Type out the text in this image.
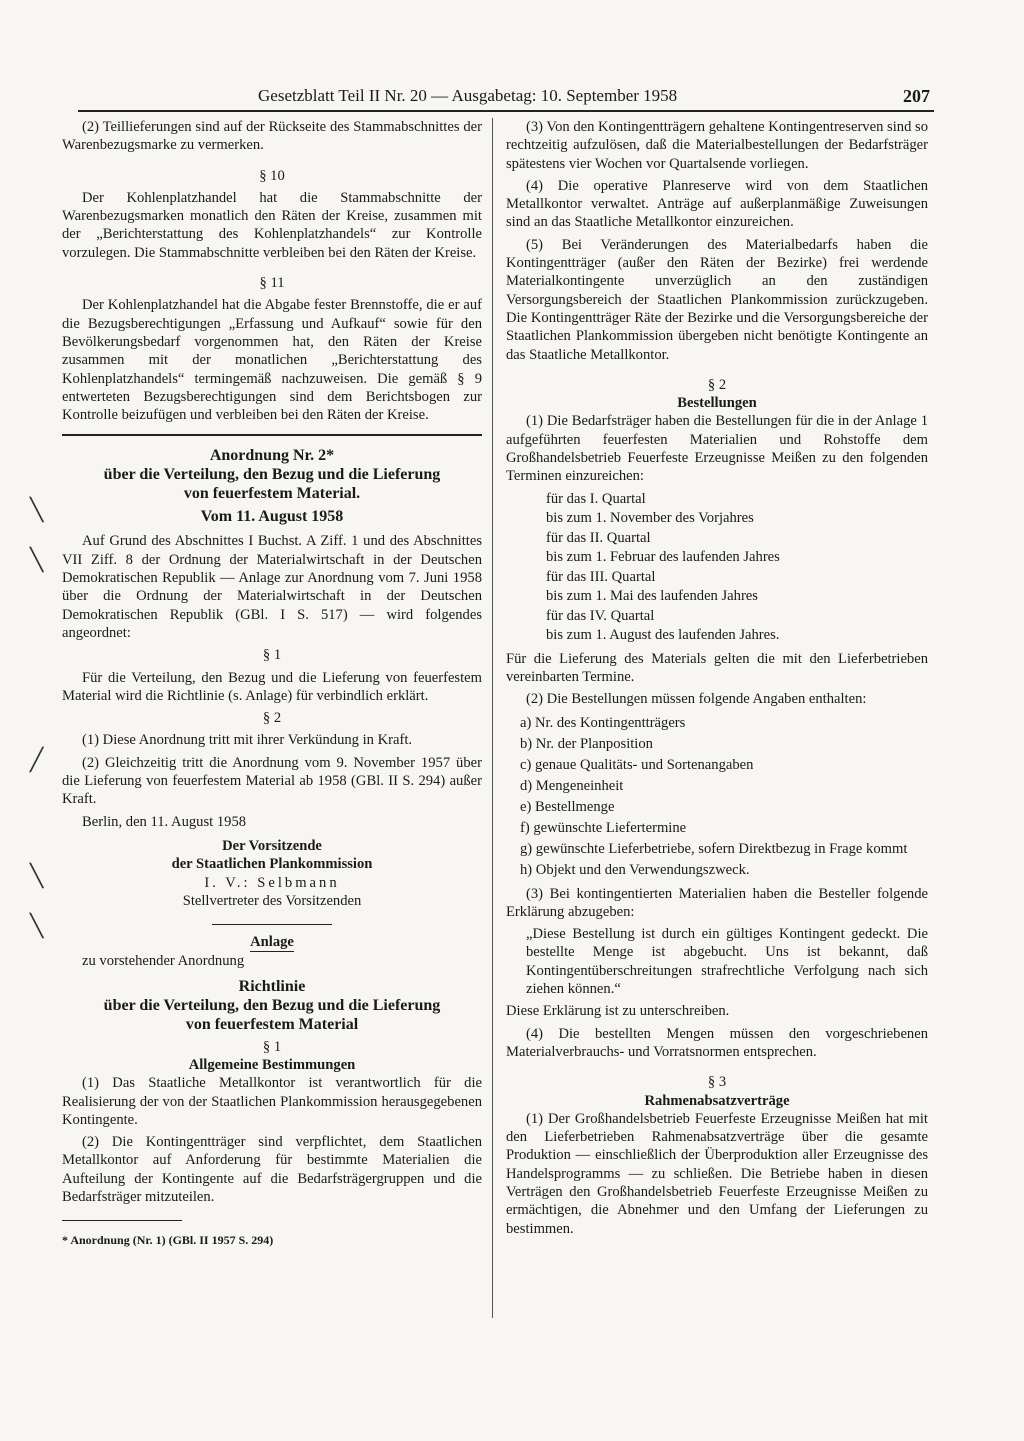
Gesetzblatt Teil II Nr. 20 — Ausgabetag: 10. September 1958	207
╲
╲
╱
╲
╲

(2) Teillieferungen sind auf der Rückseite des Stammabschnittes der Warenbezugsmarke zu vermerken.

§ 10

Der Kohlenplatzhandel hat die Stammabschnitte der Warenbezugsmarken monatlich den Räten der Kreise, zusammen mit der „Berichterstattung des Kohlenplatzhandels“ zur Kontrolle vorzulegen. Die Stammabschnitte verbleiben bei den Räten der Kreise.

§ 11

Der Kohlenplatzhandel hat die Abgabe fester Brennstoffe, die er auf die Bezugsberechtigungen „Erfassung und Aufkauf“ sowie für den Bevölkerungsbedarf vorgenommen hat, den Räten der Kreise zusammen mit der monatlichen „Berichterstattung des Kohlenplatzhandels“ termingemäß nachzuweisen. Die gemäß § 9 entwerteten Bezugsberechtigungen sind dem Berichtsbogen zur Kontrolle beizufügen und verbleiben bei den Räten der Kreise.

Anordnung Nr. 2*
über die Verteilung, den Bezug und die Lieferung
von feuerfestem Material.
Vom 11. August 1958

Auf Grund des Abschnittes I Buchst. A Ziff. 1 und des Abschnittes VII Ziff. 8 der Ordnung der Materialwirtschaft in der Deutschen Demokratischen Republik — Anlage zur Anordnung vom 7. Juni 1958 über die Ordnung der Materialwirtschaft in der Deutschen Demokratischen Republik (GBl. I S. 517) — wird folgendes angeordnet:

§ 1

Für die Verteilung, den Bezug und die Lieferung von feuerfestem Material wird die Richtlinie (s. Anlage) für verbindlich erklärt.

§ 2

(1) Diese Anordnung tritt mit ihrer Verkündung in Kraft.

(2) Gleichzeitig tritt die Anordnung vom 9. November 1957 über die Lieferung von feuerfestem Material ab 1958 (GBl. II S. 294) außer Kraft.

Berlin, den 11. August 1958

Der Vorsitzende
der Staatlichen Plankommission
I. V.: Selbmann
Stellvertreter des Vorsitzenden
Anlage

zu vorstehender Anordnung

Richtlinie
über die Verteilung, den Bezug und die Lieferung
von feuerfestem Material

§ 1

Allgemeine Bestimmungen

(1) Das Staatliche Metallkontor ist verantwortlich für die Realisierung der von der Staatlichen Plankommission herausgegebenen Kontingente.

(2) Die Kontingentträger sind verpflichtet, dem Staatlichen Metallkontor auf Anforderung für bestimmte Materialien die Aufteilung der Kontingente auf die Bedarfsträgergruppen und die Bedarfsträger mitzuteilen.

* Anordnung (Nr. 1) (GBl. II 1957 S. 294)

(3) Von den Kontingentträgern gehaltene Kontingentreserven sind so rechtzeitig aufzulösen, daß die Materialbestellungen der Bedarfsträger spätestens vier Wochen vor Quartalsende vorliegen.

(4) Die operative Planreserve wird von dem Staatlichen Metallkontor verwaltet. Anträge auf außerplanmäßige Zuweisungen sind an das Staatliche Metallkontor einzureichen.

(5) Bei Veränderungen des Materialbedarfs haben die Kontingentträger (außer den Räten der Bezirke) frei werdende Materialkontingente unverzüglich an den zuständigen Versorgungsbereich der Staatlichen Plankommission zurückzugeben. Die Kontingentträger Räte der Bezirke und die Versorgungsbereiche der Staatlichen Plankommission übergeben nicht benötigte Kontingente an das Staatliche Metallkontor.

§ 2

Bestellungen

(1) Die Bedarfsträger haben die Bestellungen für die in der Anlage 1 aufgeführten feuerfesten Materialien und Rohstoffe dem Großhandelsbetrieb Feuerfeste Erzeugnisse Meißen zu den folgenden Terminen einzureichen:

für das I. Quartal
bis zum 1. November des Vorjahres
für das II. Quartal
bis zum 1. Februar des laufenden Jahres
für das III. Quartal
bis zum 1. Mai des laufenden Jahres
für das IV. Quartal
bis zum 1. August des laufenden Jahres.

Für die Lieferung des Materials gelten die mit den Lieferbetrieben vereinbarten Termine.

(2) Die Bestellungen müssen folgende Angaben enthalten:

a) Nr. des Kontingentträgers
b) Nr. der Planposition
c) genaue Qualitäts- und Sortenangaben
d) Mengeneinheit
e) Bestellmenge
f) gewünschte Liefertermine
g) gewünschte Lieferbetriebe, sofern Direktbezug in Frage kommt
h) Objekt und den Verwendungszweck.

(3) Bei kontingentierten Materialien haben die Besteller folgende Erklärung abzugeben:

„Diese Bestellung ist durch ein gültiges Kontingent gedeckt. Die bestellte Menge ist abgebucht. Uns ist bekannt, daß Kontingentüberschreitungen strafrechtliche Verfolgung nach sich ziehen können.“

Diese Erklärung ist zu unterschreiben.

(4) Die bestellten Mengen müssen den vorgeschriebenen Materialverbrauchs- und Vorratsnormen entsprechen.

§ 3

Rahmenabsatzverträge

(1) Der Großhandelsbetrieb Feuerfeste Erzeugnisse Meißen hat mit den Lieferbetrieben Rahmenabsatzverträge über die gesamte Produktion — einschließlich der Überproduktion aller Erzeugnisse des Handelsprogramms — zu schließen. Die Betriebe haben in diesen Verträgen den Großhandelsbetrieb Feuerfeste Erzeugnisse Meißen zu ermächtigen, die Abnehmer und den Umfang der Lieferungen zu bestimmen.
